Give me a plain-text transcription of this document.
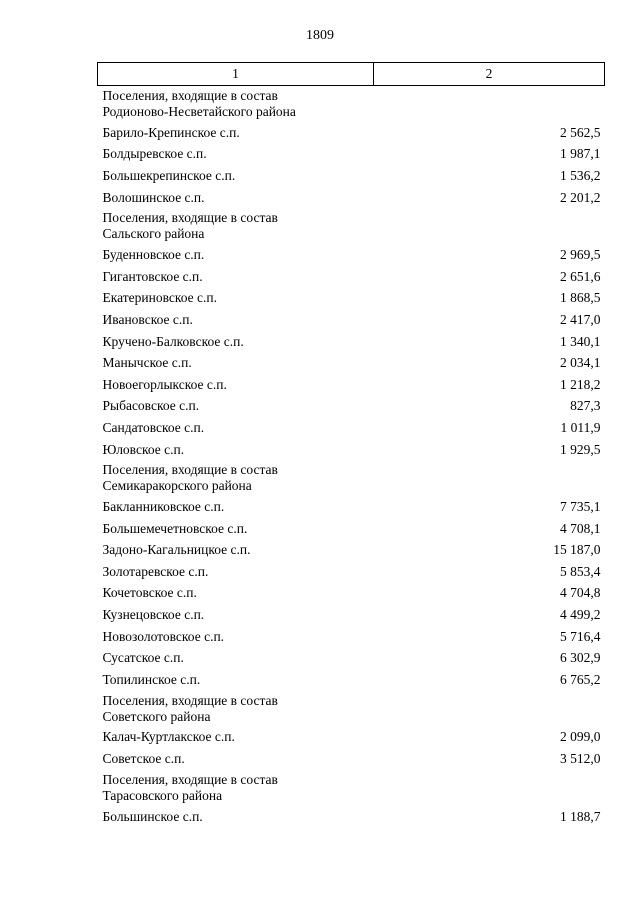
1809
1	2

Поселения, входящие в состав
Родионово-Несветайского района	

Барило-Крепинское с.п.	2 562,5
Болдыревское с.п.	1 987,1
Большекрепинское с.п.	1 536,2
Волошинское с.п.	2 201,2

Поселения, входящие в состав
Сальского района	

Буденновское с.п.	2 969,5
Гигантовское с.п.	2 651,6
Екатериновское с.п.	1 868,5
Ивановское с.п.	2 417,0
Кручено-Балковское с.п.	1 340,1
Манычское с.п.	2 034,1
Новоегорлыкское с.п.	1 218,2
Рыбасовское с.п.	827,3
Сандатовское с.п.	1 011,9
Юловское с.п.	1 929,5

Поселения, входящие в состав
Семикаракорского района	

Бакланниковское с.п.	7 735,1
Большемечетновское с.п.	4 708,1
Задоно-Кагальницкое с.п.	15 187,0
Золотаревское с.п.	5 853,4
Кочетовское с.п.	4 704,8
Кузнецовское с.п.	4 499,2
Новозолотовское с.п.	5 716,4
Сусатское с.п.	6 302,9
Топилинское с.п.	6 765,2

Поселения, входящие в состав
Советского района	

Калач-Куртлакское с.п.	2 099,0
Советское с.п.	3 512,0

Поселения, входящие в состав
Тарасовского района	

Большинское с.п.	1 188,7
